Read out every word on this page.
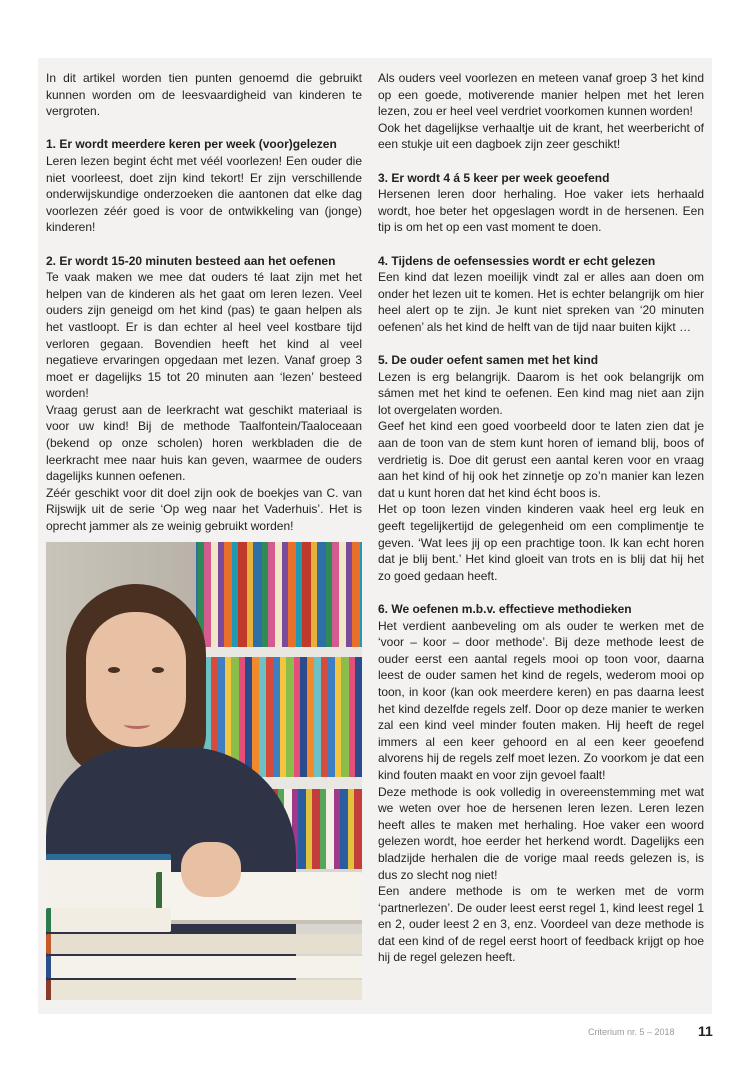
In dit artikel worden tien punten genoemd die gebruikt kunnen worden om de leesvaardigheid van kinderen te vergroten.

1. Er wordt meerdere keren per week (voor)gelezen

Leren lezen begint écht met véél voorlezen! Een ouder die niet voorleest, doet zijn kind tekort! Er zijn verschillende onderwijskundige onderzoeken die aantonen dat elke dag voorlezen zéér goed is voor de ontwikkeling van (jonge) kinderen!

2. Er wordt 15-20 minuten besteed aan het oefenen

Te vaak maken we mee dat ouders té laat zijn met het helpen van de kinderen als het gaat om leren lezen. Veel ouders zijn geneigd om het kind (pas) te gaan helpen als het vastloopt. Er is dan echter al heel veel kostbare tijd verloren gegaan. Bovendien heeft het kind al veel negatieve ervaringen opgedaan met lezen. Vanaf groep 3 moet er dagelijks 15 tot 20 minuten aan ‘lezen’ besteed worden!

Vraag gerust aan de leerkracht wat geschikt materiaal is voor uw kind! Bij de methode Taalfontein/Taaloceaan (bekend op onze scholen) horen werkbladen die de leerkracht mee naar huis kan geven, waarmee de ouders dagelijks kunnen oefenen.

Zéér geschikt voor dit doel zijn ook de boekjes van C. van Rijswijk uit de serie ‘Op weg naar het Vaderhuis’. Het is oprecht jammer als ze weinig gebruikt worden!

Als ouders veel voorlezen en meteen vanaf groep 3 het kind op een goede, motiverende manier helpen met het leren lezen, zou er heel veel verdriet voorkomen kunnen worden!

Ook het dagelijkse verhaaltje uit de krant, het weerbericht of een stukje uit een dagboek zijn zeer geschikt!

3. Er wordt 4 á 5 keer per week geoefend

Hersenen leren door herhaling. Hoe vaker iets herhaald wordt, hoe beter het opgeslagen wordt in de hersenen. Een tip is om het op een vast moment te doen.

4. Tijdens de oefensessies wordt er echt gelezen

Een kind dat lezen moeilijk vindt zal er alles aan doen om onder het lezen uit te komen. Het is echter belangrijk om hier heel alert op te zijn. Je kunt niet spreken van ‘20 minuten oefenen’ als het kind de helft van de tijd naar buiten kijkt …

5. De ouder oefent samen met het kind

Lezen is erg belangrijk. Daarom is het ook belangrijk om sámen met het kind te oefenen. Een kind mag niet aan zijn lot overgelaten worden.

Geef het kind een goed voorbeeld door te laten zien dat je aan de toon van de stem kunt horen of iemand blij, boos of verdrietig is. Doe dit gerust een aantal keren voor en vraag aan het kind of hij ook het zinnetje op zo’n manier kan lezen dat u kunt horen dat het kind écht boos is.

Het op toon lezen vinden kinderen vaak heel erg leuk en geeft tegelijkertijd de gelegenheid om een complimentje te geven. ‘Wat lees jij op een prachtige toon. Ik kan echt horen dat je blij bent.’ Het kind gloeit van trots en is blij dat hij het zo goed gedaan heeft.

6. We oefenen m.b.v. effectieve methodieken

Het verdient aanbeveling om als ouder te werken met de ‘voor – koor – door methode’. Bij deze methode leest de ouder eerst een aantal regels mooi op toon voor, daarna leest de ouder samen het kind de regels, wederom mooi op toon, in koor (kan ook meerdere keren) en pas daarna leest het kind dezelfde regels zelf. Door op deze manier te werken zal een kind veel minder fouten maken. Hij heeft de regel immers al een keer gehoord en al een keer geoefend alvorens hij de regels zelf moet lezen. Zo voorkom je dat een kind fouten maakt en voor zijn gevoel faalt!

Deze methode is ook volledig in overeenstemming met wat we weten over hoe de hersenen leren lezen. Leren lezen heeft alles te maken met herhaling. Hoe vaker een woord gelezen wordt, hoe eerder het herkend wordt. Dagelijks een bladzijde herhalen die de vorige maal reeds gelezen is, is dus zo slecht nog niet!

Een andere methode is om te werken met de vorm ‘partnerlezen’. De ouder leest eerst regel 1, kind leest regel 1 en 2, ouder leest 2 en 3, enz. Voordeel van deze methode is dat een kind of de regel eerst hoort of feedback krijgt op hoe hij de regel gelezen heeft.

Criterium nr. 5 – 2018 11
